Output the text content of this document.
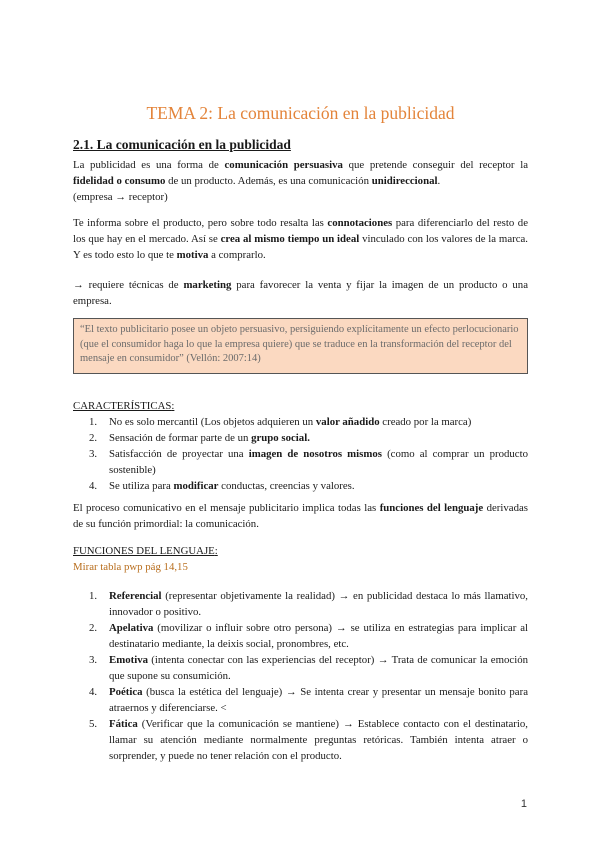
TEMA 2: La comunicación en la publicidad
2.1. La comunicación en la publicidad

La publicidad es una forma de comunicación persuasiva que pretende conseguir del receptor la fidelidad o consumo de un producto. Además, es una comunicación unidireccional.
(empresa → receptor)

Te informa sobre el producto, pero sobre todo resalta las connotaciones para diferenciarlo del resto de los que hay en el mercado. Así se crea al mismo tiempo un ideal vinculado con los valores de la marca. Y es todo esto lo que te motiva a comprarlo.

→ requiere técnicas de marketing para favorecer la venta y fijar la imagen de un producto o una empresa.

“El texto publicitario posee un objeto persuasivo, persiguiendo explícitamente un efecto perlocucionario (que el consumidor haga lo que la empresa quiere) que se traduce en la transformación del receptor del mensaje en consumidor” (Vellón: 2007:14)

CARACTERÍSTICAS:

1. No es solo mercantil (Los objetos adquieren un valor añadido creado por la marca)
2. Sensación de formar parte de un grupo social.
3. Satisfacción de proyectar una imagen de nosotros mismos (como al comprar un producto sostenible)
4. Se utiliza para modificar conductas, creencias y valores.

El proceso comunicativo en el mensaje publicitario implica todas las funciones del lenguaje derivadas de su función primordial: la comunicación.

FUNCIONES DEL LENGUAJE:

Mirar tabla pwp pág 14,15

1. Referencial (representar objetivamente la realidad) → en publicidad destaca lo más llamativo, innovador o positivo.
2. Apelativa (movilizar o influir sobre otro persona) → se utiliza en estrategias para implicar al destinatario mediante, la deixis social, pronombres, etc.
3. Emotiva (intenta conectar con las experiencias del receptor) → Trata de comunicar la emoción que supone su consumición.
4. Poética (busca la estética del lenguaje) → Se intenta crear y presentar un mensaje bonito para atraernos y diferenciarse. <
5. Fática (Verificar que la comunicación se mantiene) → Establece contacto con el destinatario, llamar su atención mediante normalmente preguntas retóricas. También intenta atraer o sorprender, y puede no tener relación con el producto.
1
